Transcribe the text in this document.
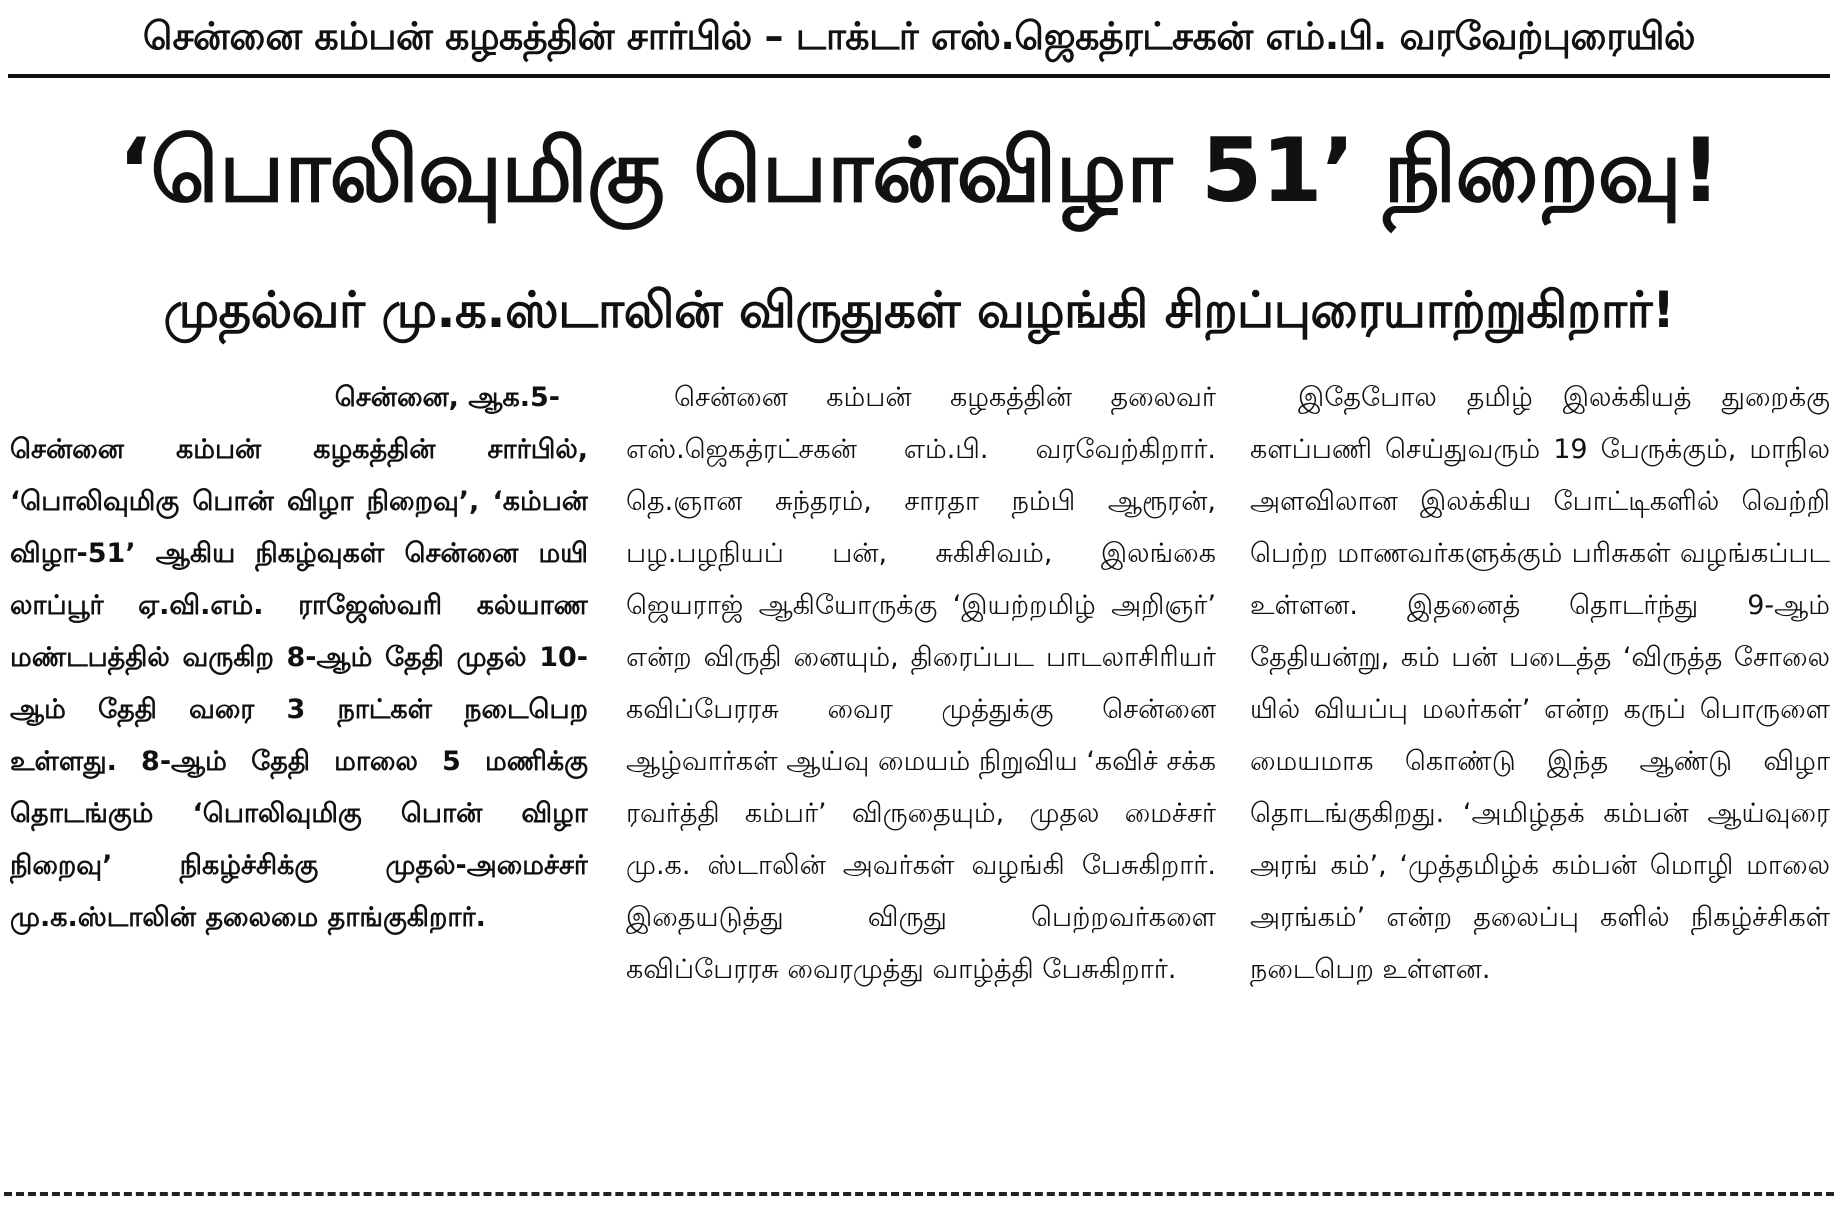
சென்னை கம்பன் கழகத்தின் சார்பில் – டாக்டர் எஸ்.ஜெகத்ரட்சகன் எம்.பி. வரவேற்புரையில்
‘பொலிவுமிகு பொன்விழா 51’ நிறைவு!
முதல்வர் மு.க.ஸ்டாலின் விருதுகள் வழங்கி சிறப்புரையாற்றுகிறார்!
சென்னை, ஆக.5-
சென்னை கம்பன் கழகத்தின் சார்பில், ‘பொலிவுமிகு பொன் விழா நிறைவு’, ‘கம்பன் விழா-51’ ஆகிய நிகழ்வுகள் சென்னை மயி லாப்பூர் ஏ.வி.எம். ராஜேஸ்வரி கல்யாண மண்டபத்தில் வருகிற 8-ஆம் தேதி முதல் 10-ஆம் தேதி வரை 3 நாட்கள் நடைபெற உள்ளது. 8-ஆம் தேதி மாலை 5 மணிக்கு தொடங்கும் ‘பொலிவுமிகு பொன் விழா நிறைவு’ நிகழ்ச்சிக்கு முதல்-அமைச்சர் மு.க.ஸ்டாலின் தலைமை தாங்குகிறார்.
சென்னை கம்பன் கழகத்தின் தலைவர் எஸ்.ஜெகத்ரட்சகன் எம்.பி. வரவேற்கிறார். தெ.ஞான சுந்தரம், சாரதா நம்பி ஆரூரன், பழ.பழநியப் பன், சுகிசிவம், இலங்கை ஜெயராஜ் ஆகியோருக்கு ‘இயற்றமிழ் அறிஞர்’ என்ற விருதி னையும், திரைப்பட பாடலாசிரியர் கவிப்பேரரசு வைர முத்துக்கு சென்னை ஆழ்வார்கள் ஆய்வு மையம் நிறுவிய ‘கவிச் சக்க ரவர்த்தி கம்பர்’ விருதையும், முதல மைச்சர் மு.க. ஸ்டாலின் அவர்கள் வழங்கி பேசுகிறார். இதையடுத்து விருது பெற்றவர்களை கவிப்பேரரசு வைரமுத்து வாழ்த்தி பேசுகிறார்.
இதேபோல தமிழ் இலக்கியத் துறைக்கு களப்பணி செய்துவரும் 19 பேருக்கும், மாநில அளவிலான இலக்கிய போட்டிகளில் வெற்றி பெற்ற மாணவர்களுக்கும் பரிசுகள் வழங்கப்பட உள்ளன. இதனைத் தொடர்ந்து 9-ஆம் தேதியன்று, கம் பன் படைத்த ‘விருத்த சோலை யில் வியப்பு மலர்கள்’ என்ற கருப் பொருளை மையமாக கொண்டு இந்த ஆண்டு விழா தொடங்குகிறது. ‘அமிழ்தக் கம்பன் ஆய்வுரை அரங் கம்’, ‘முத்தமிழ்க் கம்பன் மொழி மாலை அரங்கம்’ என்ற தலைப்பு களில் நிகழ்ச்சிகள் நடைபெற உள்ளன.
